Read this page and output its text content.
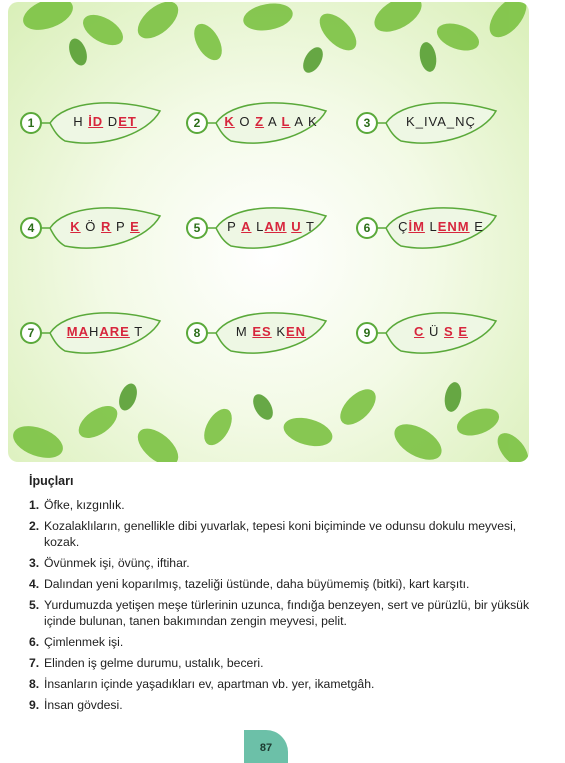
1	H İD DET	2	K O Z A L A K	3	K_IVA_NÇ
4	K Ö R P E	5	P A LAM U T	6	ÇİM LENM E
7	MAHARE T	8	M ES KEN	9	C Ü S E
İpuçları
1. Öfke, kızgınlık.
2. Kozalaklıların, genellikle dibi yuvarlak, tepesi koni biçiminde ve odunsu dokulu meyvesi, kozak.
3. Övünmek işi, övünç, iftihar.
4. Dalından yeni koparılmış, tazeliği üstünde, daha büyümemiş (bitki), kart karşıtı.
5. Yurdumuzda yetişen meşe türlerinin uzunca, fındığa benzeyen, sert ve pürüzlü, bir yüksük içinde bulunan, tanen bakımından zengin meyvesi, pelit.
6. Çimlenmek işi.
7. Elinden iş gelme durumu, ustalık, beceri.
8. İnsanların içinde yaşadıkları ev, apartman vb. yer, ikametgâh.
9. İnsan gövdesi.
87
